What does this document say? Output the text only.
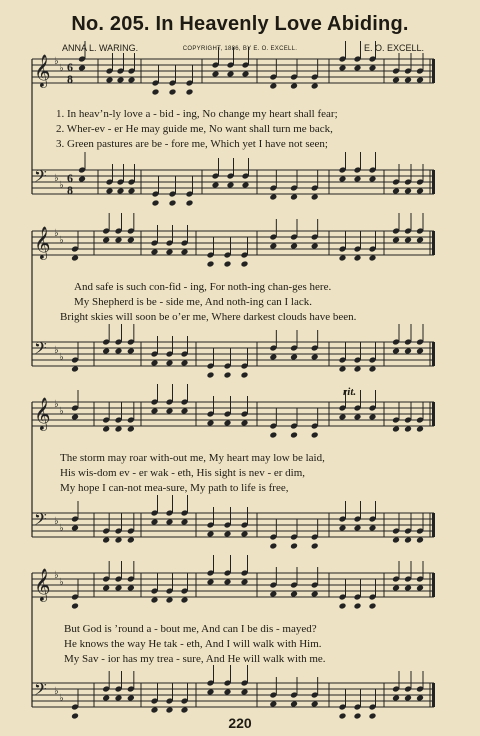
No. 205. In Heavenly Love Abiding.
ANNA L. WARING.	COPYRIGHT, 1886, BY E. O. EXCELL.	E. O. EXCELL.
𝄞 ♭
♭ 6
8
𝄢 ♭
♭
6
8
𝄞 ♭
♭
𝄢 ♭
♭
𝄞 ♭
♭
𝄢 ♭
♭
𝄞 ♭
♭
𝄢 ♭
♭
rit.
1. In heav’n-ly love a - bid - ing, No change my heart shall fear;
2. Wher-ev - er He may guide me, No want shall turn me back,
3. Green pastures are be - fore me, Which yet I have not seen;
And safe is such con-fid - ing, For noth-ing chan-ges here.
My Shepherd is be - side me, And noth-ing can I lack.
Bright skies will soon be o’er me, Where darkest clouds have been.
The storm may roar with-out me, My heart may low be laid,
His wis-dom ev - er wak - eth, His sight is nev - er dim,
My hope I can-not mea-sure, My path to life is free,
But God is ’round a - bout me, And can I be dis - mayed?
He knows the way He tak - eth, And I will walk with Him.
My Sav - ior has my trea - sure, And He will walk with me.
220
